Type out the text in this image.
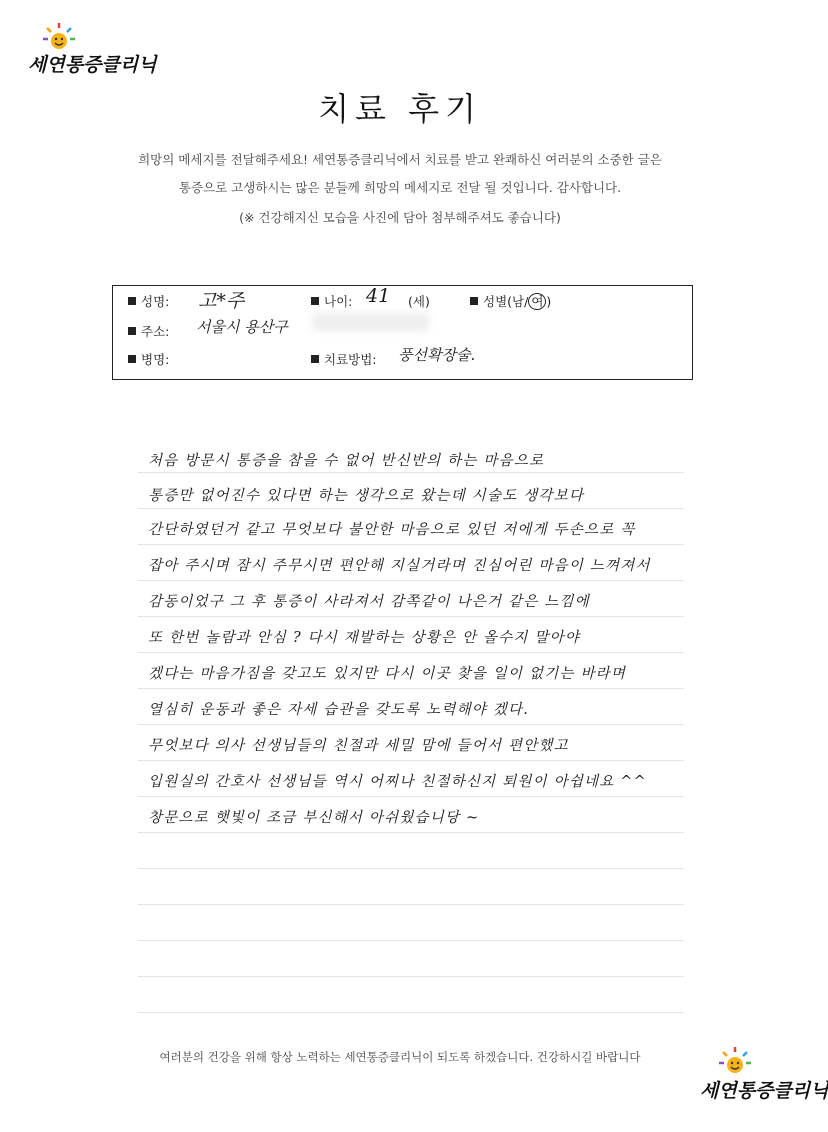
세연통증클리닉
치료 후기
희망의 메세지를 전달해주세요! 세연통증클리닉에서 치료를 받고 완쾌하신 여러분의 소중한 글은
통증으로 고생하시는 많은 분들께 희망의 메세지로 전달 될 것입니다. 감사합니다.
(※ 건강해지신 모습을 사진에 담아 첨부해주셔도 좋습니다)
성명: 고*주	나이: 41 (세)	성별(남/ 여 )
주소: 서울시 용산구
병명:	치료방법: 풍선확장술.
처음 방문시 통증을 참을 수 없어 반신반의 하는 마음으로
통증만 없어진수 있다면 하는 생각으로 왔는데 시술도 생각보다
간단하였던거 같고 무엇보다 불안한 마음으로 있던 저에게 두손으로 꼭
잡아 주시며 잠시 주무시면 편안해 지실거라며 진심어린 마음이 느껴져서
감동이었구 그 후 통증이 사라져서 감쪽같이 나은거 같은 느낌에
또 한번 놀람과 안심 ? 다시 재발하는 상황은 안 올수지 말아야
겠다는 마음가짐을 갖고도 있지만 다시 이곳 찾을 일이 없기는 바라며
열심히 운동과 좋은 자세 습관을 갖도록 노력해야 겠다.
무엇보다 의사 선생님들의 친절과 세밀 맘에 들어서 편안했고
입원실의 간호사 선생님들 역시 어찌나 친절하신지 퇴원이 아쉽네요 ^^
창문으로 햇빛이 조금 부신해서 아쉬웠습니당 ~
여러분의 건강을 위해 항상 노력하는 세연통증클리닉이 되도록 하겠습니다. 건강하시길 바랍니다
세연통증클리닉
